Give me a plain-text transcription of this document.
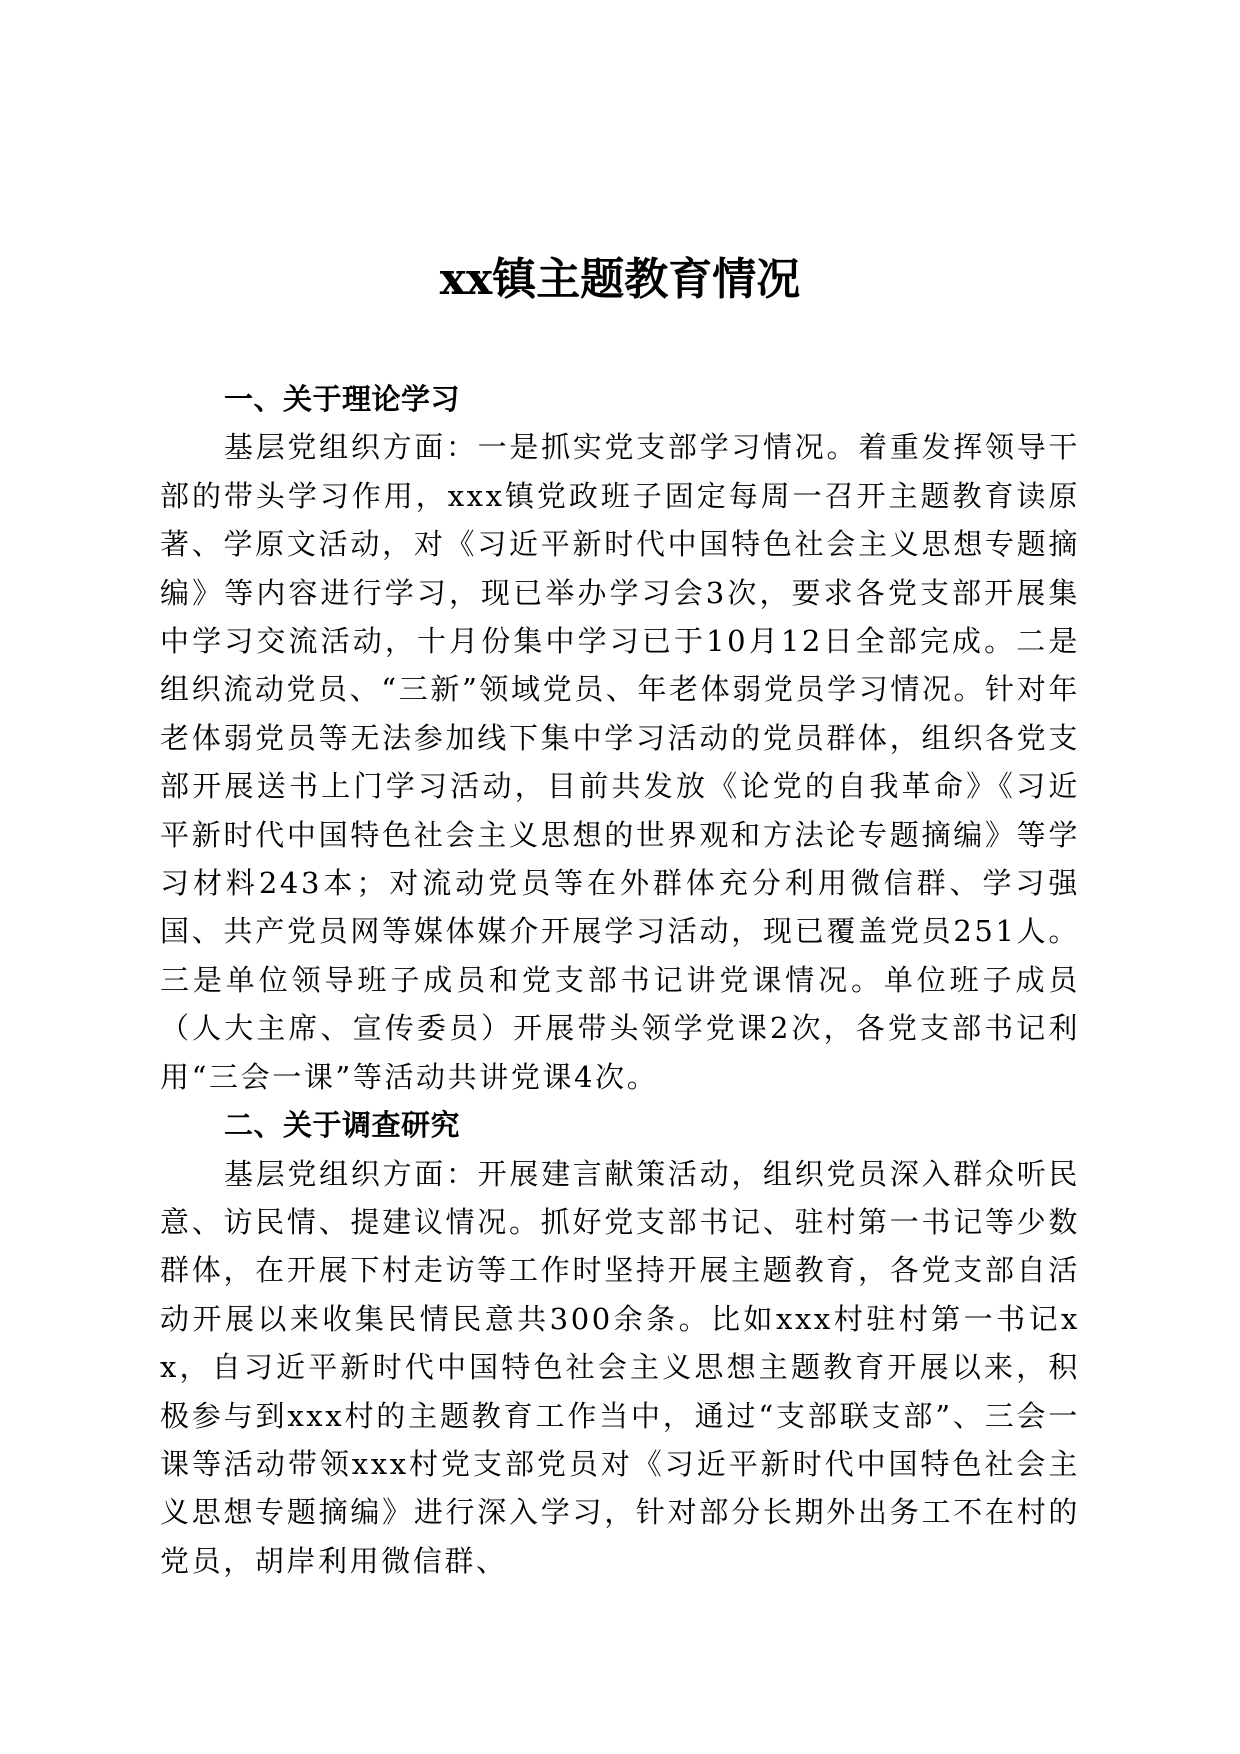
xx镇主题教育情况

一、关于理论学习

基层党组织方面：一是抓实党支部学习情况。着重发挥领导干部的带头学习作用，xxx镇党政班子固定每周一召开主题教育读原著、学原文活动，对《习近平新时代中国特色社会主义思想专题摘编》等内容进行学习，现已举办学习会3次，要求各党支部开展集中学习交流活动，十月份集中学习已于10月12日全部完成。二是组织流动党员、“三新”领域党员、年老体弱党员学习情况。针对年老体弱党员等无法参加线下集中学习活动的党员群体，组织各党支部开展送书上门学习活动，目前共发放《论党的自我革命》《习近平新时代中国特色社会主义思想的世界观和方法论专题摘编》等学习材料243本；对流动党员等在外群体充分利用微信群、学习强国、共产党员网等媒体媒介开展学习活动，现已覆盖党员251人。三是单位领导班子成员和党支部书记讲党课情况。单位班子成员（人大主席、宣传委员）开展带头领学党课2次，各党支部书记利用“三会一课”等活动共讲党课4次。

二、关于调查研究

基层党组织方面：开展建言献策活动，组织党员深入群众听民意、访民情、提建议情况。抓好党支部书记、驻村第一书记等少数群体，在开展下村走访等工作时坚持开展主题教育，各党支部自活动开展以来收集民情民意共300余条。比如xxx村驻村第一书记xx，自习近平新时代中国特色社会主义思想主题教育开展以来，积极参与到xxx村的主题教育工作当中，通过“支部联支部”、三会一课等活动带领xxx村党支部党员对《习近平新时代中国特色社会主义思想专题摘编》进行深入学习，针对部分长期外出务工不在村的党员，胡岸利用微信群、
